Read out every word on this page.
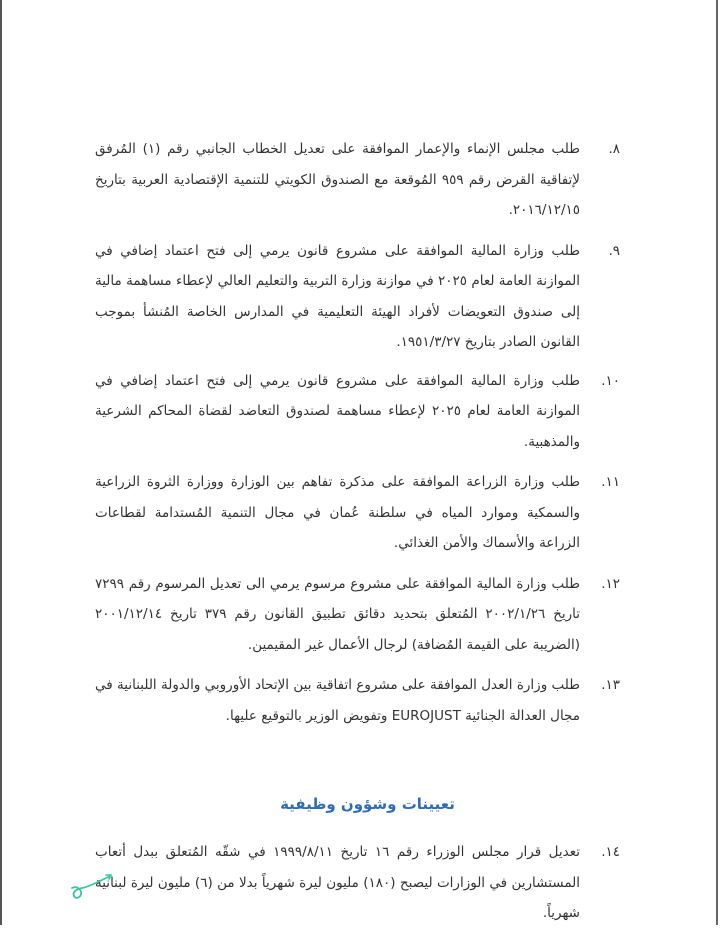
٨.
طلب مجلس الإنماء والإعمار الموافقة على تعديل الخطاب الجانبي رقم (١) المُرفق لإتفاقية القرض رقم ٩٥٩ المُوقعة مع الصندوق الكويتي للتنمية الإقتصادية العربية بتاريخ ٢٠١٦/١٢/١٥.
٩.
طلب وزارة المالية الموافقة على مشروع قانون يرمي إلى فتح اعتماد إضافي في الموازنة العامة لعام ٢٠٢٥ في موازنة وزارة التربية والتعليم العالي لإعطاء مساهمة مالية إلى صندوق التعويضات لأفراد الهيئة التعليمية في المدارس الخاصة المُنشأ بموجب القانون الصادر بتاريخ ١٩٥١/٣/٢٧.
١٠.
طلب وزارة المالية الموافقة على مشروع قانون يرمي إلى فتح اعتماد إضافي في الموازنة العامة لعام ٢٠٢٥ لإعطاء مساهمة لصندوق التعاضد لقضاة المحاكم الشرعية والمذهبية.
١١.
طلب وزارة الزراعة الموافقة على مذكرة تفاهم بين الوزارة ووزارة الثروة الزراعية والسمكية وموارد المياه في سلطنة عُمان في مجال التنمية المُستدامة لقطاعات الزراعة والأسماك والأمن الغذائي.
١٢.
طلب وزارة المالية الموافقة على مشروع مرسوم يرمي الى تعديل المرسوم رقم ٧٢٩٩ تاريخ ٢٠٠٢/١/٢٦ المُتعلق بتحديد دقائق تطبيق القانون رقم ٣٧٩ تاريخ ٢٠٠١/١٢/١٤ (الضريبة على القيمة المُضافة) لرجال الأعمال غير المقيمين.
١٣.
طلب وزارة العدل الموافقة على مشروع اتفاقية بين الإتحاد الأوروبي والدولة اللبنانية في مجال العدالة الجنائية EUROJUST وتفويض الوزير بالتوقيع عليها.
تعيينات وشؤون وظيفية
١٤.
تعديل قرار مجلس الوزراء رقم ١٦ تاريخ ١٩٩٩/٨/١١ في شقّه المُتعلق ببدل أتعاب المستشارين في الوزارات ليصبح (١٨٠) مليون ليرة شهرياً بدلا من (٦) مليون ليرة لبنانية شهرياً.
